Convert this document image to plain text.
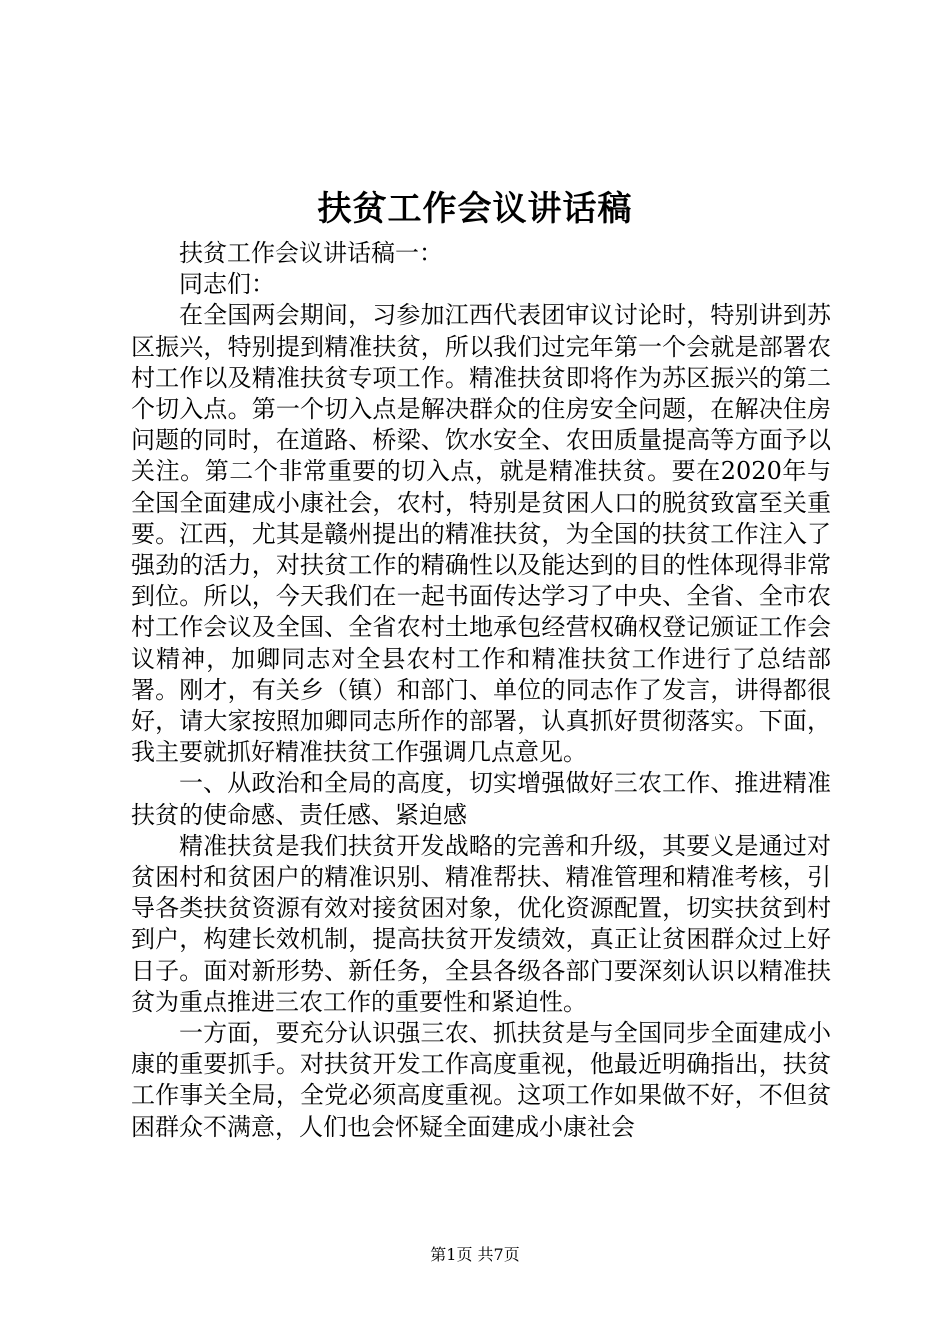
扶贫工作会议讲话稿

扶贫工作会议讲话稿一：

同志们：

在全国两会期间，习参加江西代表团审议讨论时，特别讲到苏区振兴，特别提到精准扶贫，所以我们过完年第一个会就是部署农村工作以及精准扶贫专项工作。精准扶贫即将作为苏区振兴的第二个切入点。第一个切入点是解决群众的住房安全问题，在解决住房问题的同时，在道路、桥梁、饮水安全、农田质量提高等方面予以关注。第二个非常重要的切入点，就是精准扶贫。要在2020年与全国全面建成小康社会，农村，特别是贫困人口的脱贫致富至关重要。江西，尤其是赣州提出的精准扶贫，为全国的扶贫工作注入了强劲的活力，对扶贫工作的精确性以及能达到的目的性体现得非常到位。所以，今天我们在一起书面传达学习了中央、全省、全市农村工作会议及全国、全省农村土地承包经营权确权登记颁证工作会议精神，加卿同志对全县农村工作和精准扶贫工作进行了总结部署。刚才，有关乡（镇）和部门、单位的同志作了发言，讲得都很好，请大家按照加卿同志所作的部署，认真抓好贯彻落实。下面，我主要就抓好精准扶贫工作强调几点意见。

一、从政治和全局的高度，切实增强做好三农工作、推进精准扶贫的使命感、责任感、紧迫感

精准扶贫是我们扶贫开发战略的完善和升级，其要义是通过对贫困村和贫困户的精准识别、精准帮扶、精准管理和精准考核，引导各类扶贫资源有效对接贫困对象，优化资源配置，切实扶贫到村到户，构建长效机制，提高扶贫开发绩效，真正让贫困群众过上好日子。面对新形势、新任务，全县各级各部门要深刻认识以精准扶贫为重点推进三农工作的重要性和紧迫性。

一方面，要充分认识强三农、抓扶贫是与全国同步全面建成小康的重要抓手。对扶贫开发工作高度重视，他最近明确指出，扶贫工作事关全局，全党必须高度重视。这项工作如果做不好，不但贫困群众不满意，人们也会怀疑全面建成小康社会

第1页 共7页
